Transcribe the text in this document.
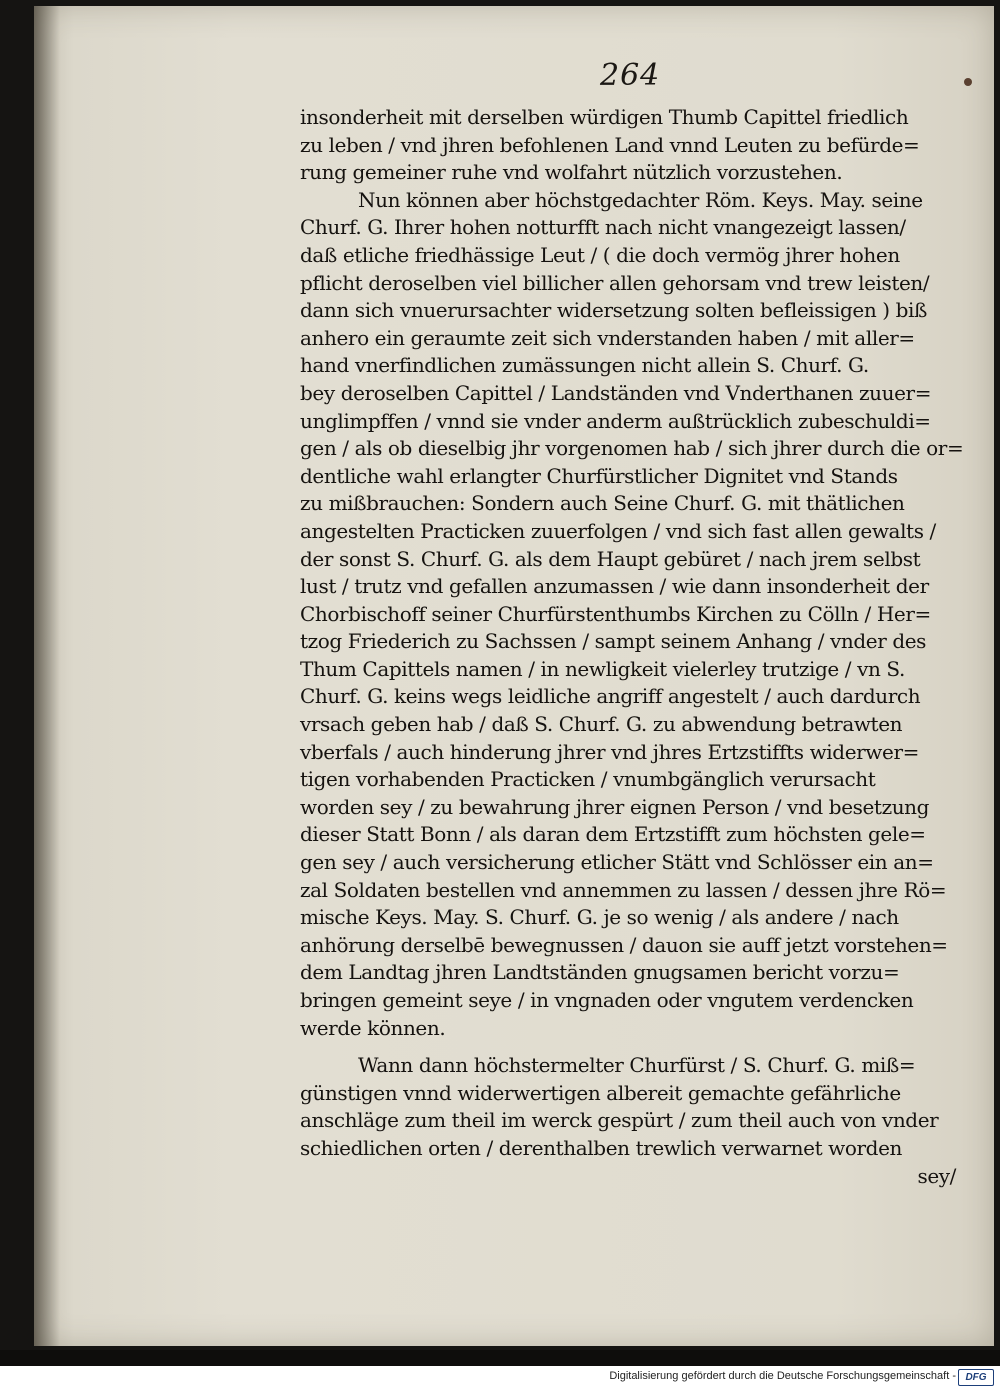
264
insonderheit mit derselben würdigen Thumb Capittel friedlich
zu leben / vnd jhren befohlenen Land vnnd Leuten zu befürde=
rung gemeiner ruhe vnd wolfahrt nützlich vorzustehen.
Nun können aber höchstgedachter Röm. Keys. May. seine
Churf. G. Ihrer hohen notturfft nach nicht vnangezeigt lassen/
daß etliche friedhässige Leut / ( die doch vermög jhrer hohen
pflicht deroselben viel billicher allen gehorsam vnd trew leisten/
dann sich vnuerursachter widersetzung solten befleissigen ) biß
anhero ein geraumte zeit sich vnderstanden haben / mit aller=
hand vnerfindlichen zumässungen nicht allein S. Churf. G.
bey deroselben Capittel / Landständen vnd Vnderthanen zuuer=
unglimpffen / vnnd sie vnder anderm außtrücklich zubeschuldi=
gen / als ob dieselbig jhr vorgenomen hab / sich jhrer durch die or=
dentliche wahl erlangter Churfürstlicher Dignitet vnd Stands
zu mißbrauchen: Sondern auch Seine Churf. G. mit thätlichen
angestelten Practicken zuuerfolgen / vnd sich fast allen gewalts /
der sonst S. Churf. G. als dem Haupt gebüret / nach jrem selbst
lust / trutz vnd gefallen anzumassen / wie dann insonderheit der
Chorbischoff seiner Churfürstenthumbs Kirchen zu Cölln / Her=
tzog Friederich zu Sachssen / sampt seinem Anhang / vnder des
Thum Capittels namen / in newligkeit vielerley trutzige / vn S.
Churf. G. keins wegs leidliche angriff angestelt / auch dardurch
vrsach geben hab / daß S. Churf. G. zu abwendung betrawten
vberfals / auch hinderung jhrer vnd jhres Ertzstiffts widerwer=
tigen vorhabenden Practicken / vnumbgänglich verursacht
worden sey / zu bewahrung jhrer eignen Person / vnd besetzung
dieser Statt Bonn / als daran dem Ertzstifft zum höchsten gele=
gen sey / auch versicherung etlicher Stätt vnd Schlösser ein an=
zal Soldaten bestellen vnd annemmen zu lassen / dessen jhre Rö=
mische Keys. May. S. Churf. G. je so wenig / als andere / nach
anhörung derselbē bewegnussen / dauon sie auff jetzt vorstehen=
dem Landtag jhren Landtständen gnugsamen bericht vorzu=
bringen gemeint seye / in vngnaden oder vngutem verdencken
werde können.
Wann dann höchstermelter Churfürst / S. Churf. G. miß=
günstigen vnnd widerwertigen albereit gemachte gefährliche
anschläge zum theil im werck gespürt / zum theil auch von vnder
schiedlichen orten / derenthalben trewlich verwarnet worden
sey/
Digitalisierung gefördert durch die Deutsche Forschungsgemeinschaft - DFG
